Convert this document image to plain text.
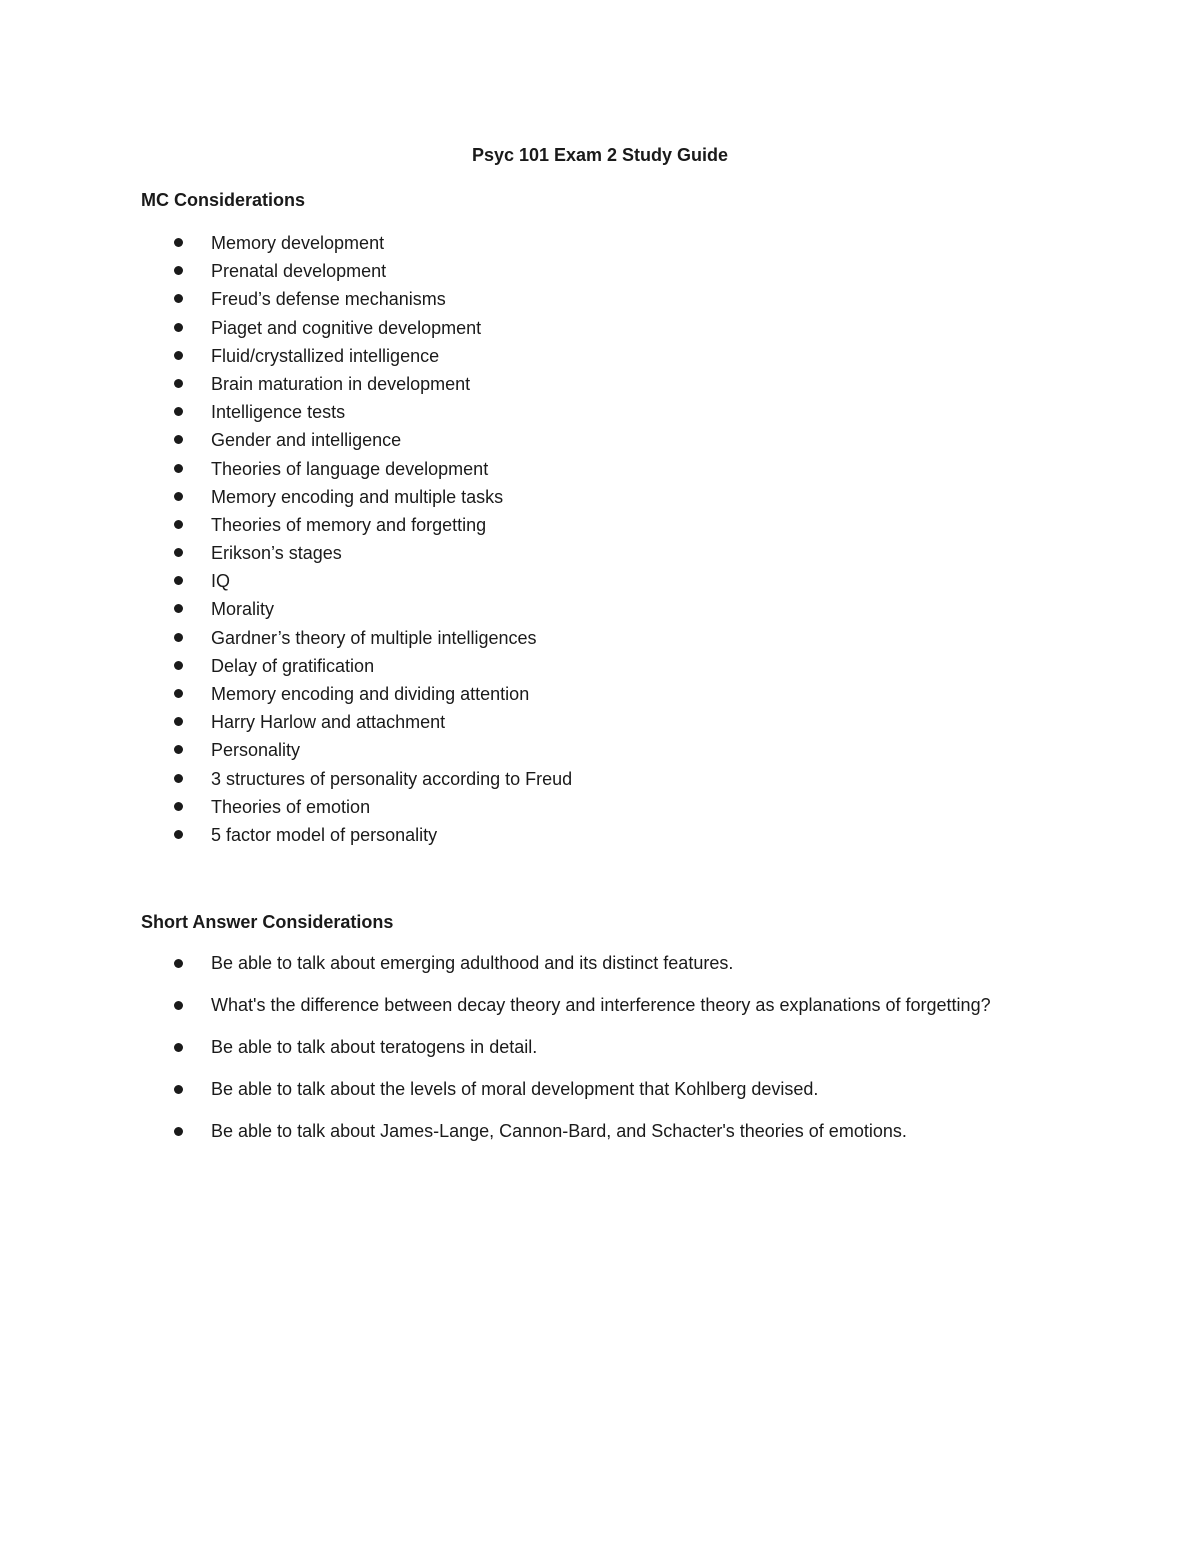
Psyc 101 Exam 2 Study Guide
MC Considerations
Memory development
Prenatal development
Freud’s defense mechanisms
Piaget and cognitive development
Fluid/crystallized intelligence
Brain maturation in development
Intelligence tests
Gender and intelligence
Theories of language development
Memory encoding and multiple tasks
Theories of memory and forgetting
Erikson’s stages
IQ
Morality
Gardner’s theory of multiple intelligences
Delay of gratification
Memory encoding and dividing attention
Harry Harlow and attachment
Personality
3 structures of personality according to Freud
Theories of emotion
5 factor model of personality
Short Answer Considerations
Be able to talk about emerging adulthood and its distinct features.
What's the difference between decay theory and interference theory as explanations of forgetting?
Be able to talk about teratogens in detail.
Be able to talk about the levels of moral development that Kohlberg devised.
Be able to talk about James-Lange, Cannon-Bard, and Schacter's theories of emotions.
